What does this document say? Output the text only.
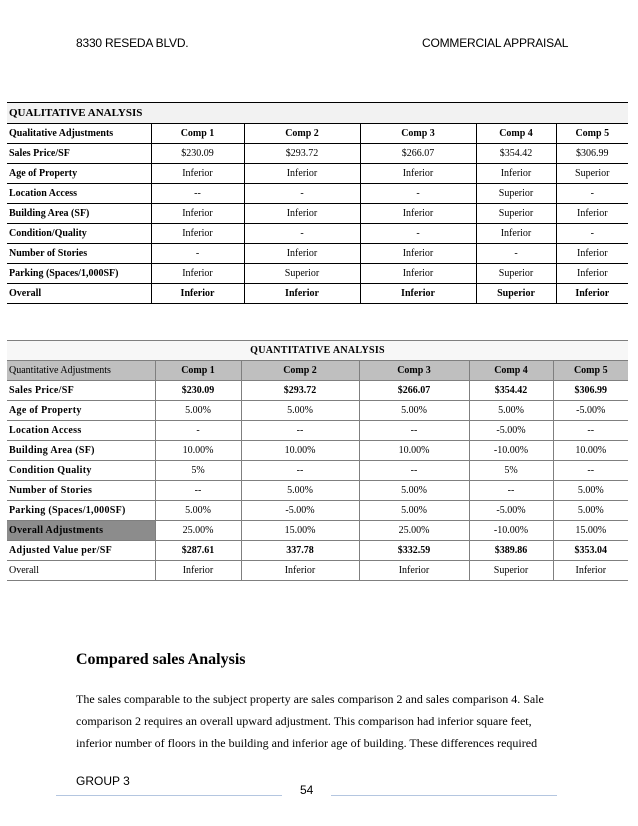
8330 RESEDA BLVD.	COMMERCIAL APPRAISAL
QUALITATIVE ANALYSIS					
Qualitative Adjustments	Comp 1	Comp 2	Comp 3	Comp 4	Comp 5
Sales Price/SF	$230.09	$293.72	$266.07	$354.42	$306.99
Age of Property	Inferior	Inferior	Inferior	Inferior	Superior
Location Access	--	-	-	Superior	-
Building Area (SF)	Inferior	Inferior	Inferior	Superior	Inferior
Condition/Quality	Inferior	-	-	Inferior	-
Number of Stories	-	Inferior	Inferior	-	Inferior
Parking (Spaces/1,000SF)	Inferior	Superior	Inferior	Superior	Inferior
Overall	Inferior	Inferior	Inferior	Superior	Inferior
QUANTITATIVE ANALYSIS					
Quantitative Adjustments	Comp 1	Comp 2	Comp 3	Comp 4	Comp 5
Sales Price/SF	$230.09	$293.72	$266.07	$354.42	$306.99
Age of Property	5.00%	5.00%	5.00%	5.00%	-5.00%
Location Access	-	--	--	-5.00%	--
Building Area (SF)	10.00%	10.00%	10.00%	-10.00%	10.00%
Condition Quality	5%	--	--	5%	--
Number of Stories	--	5.00%	5.00%	--	5.00%
Parking (Spaces/1,000SF)	5.00%	-5.00%	5.00%	-5.00%	5.00%
Overall Adjustments	25.00%	15.00%	25.00%	-10.00%	15.00%
Adjusted Value per/SF	$287.61	337.78	$332.59	$389.86	$353.04
Overall	Inferior	Inferior	Inferior	Superior	Inferior
Compared sales Analysis

The sales comparable to the subject property are sales comparison 2 and sales comparison 4. Sale

comparison 2 requires an overall upward adjustment. This comparison had inferior square feet,

inferior number of floors in the building and inferior age of building. These differences required

GROUP 3
54
